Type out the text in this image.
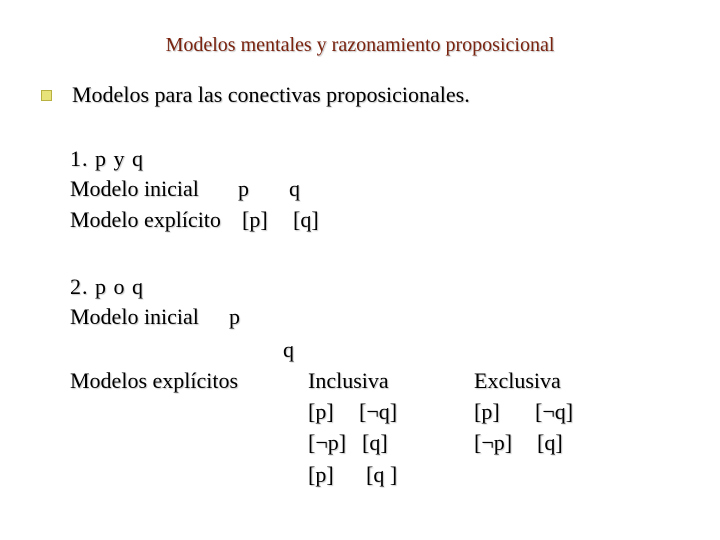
Modelos mentales y razonamiento proposicional
Modelos para las conectivas proposicionales.
1. p y q
Modelo inicial p q
Modelo explícito [p] [q]
2. p o q
Modelo inicial p
q
Modelos explícitos	Inclusiva
[p] [¬q]
[¬p] [q]
[p] [q ]
Exclusiva
[p] [¬q]
[¬p] [q]
